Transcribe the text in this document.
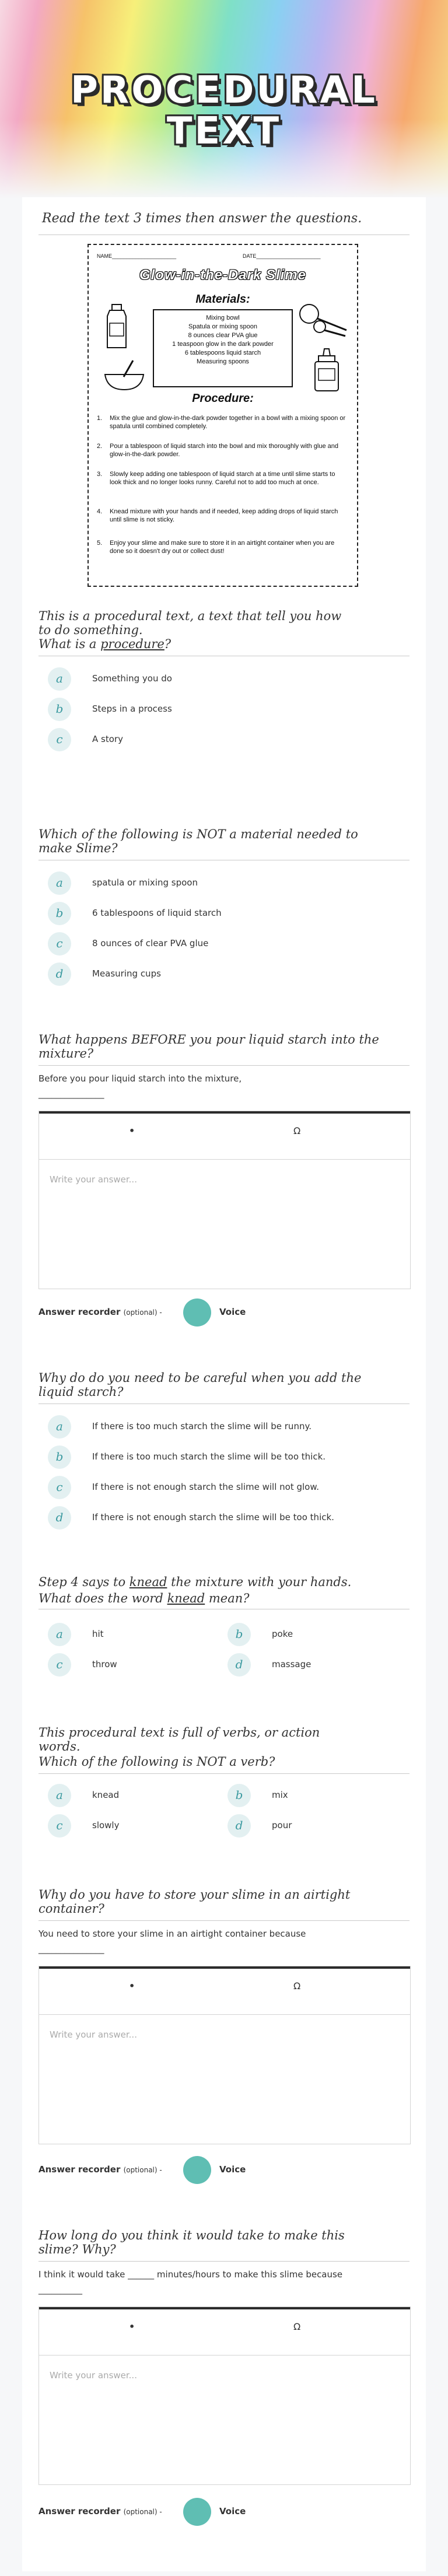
PROCEDURAL
TEXT
Read the text 3 times then answer the questions.
NAME______________________	DATE______________________
Glow-in-the-Dark Slime
Materials:
Mixing bowl
Spatula or mixing spoon
8 ounces clear PVA glue
1 teaspoon glow in the dark powder
6 tablespoons liquid starch
Measuring spoons
Procedure:
1. Mix the glue and glow-in-the-dark powder together in a bowl with a mixing spoon or spatula until combined completely.
2. Pour a tablespoon of liquid starch into the bowl and mix thoroughly with glue and glow-in-the-dark powder.
3. Slowly keep adding one tablespoon of liquid starch at a time until slime starts to look thick and no longer looks runny. Careful not to add too much at once.
4. Knead mixture with your hands and if needed, keep adding drops of liquid starch until slime is not sticky.
5. Enjoy your slime and make sure to store it in an airtight container when you are done so it doesn't dry out or collect dust!
This is a procedural text, a text that tell you how
to do something.
What is a procedure?
a	Something you do
b	Steps in a process
c	A story
Which of the following is NOT a material needed to
make Slime?
a	spatula or mixing spoon
b	6 tablespoons of liquid starch
c	8 ounces of clear PVA glue
d	Measuring cups
What happens BEFORE you pour liquid starch into the
mixture?
Before you pour liquid starch into the mixture,
_______________
•	Ω
Write your answer...
Answer recorder (optional) -	Voice
Why do do you need to be careful when you add the
liquid starch?
a	If there is too much starch the slime will be runny.
b	If there is too much starch the slime will be too thick.
c	If there is not enough starch the slime will not glow.
d	If there is not enough starch the slime will be too thick.
Step 4 says to knead the mixture with your hands.
What does the word knead mean?
a	hit	b	poke
c	throw	d	massage
This procedural text is full of verbs, or action
words.
Which of the following is NOT a verb?
a	knead	b	mix
c	slowly	d	pour
Why do you have to store your slime in an airtight
container?
You need to store your slime in an airtight container because
_______________
•	Ω
Write your answer...
Answer recorder (optional) -	Voice
How long do you think it would take to make this
slime? Why?
I think it would take ______ minutes/hours to make this slime because
__________
•	Ω
Write your answer...
Answer recorder (optional) -	Voice
